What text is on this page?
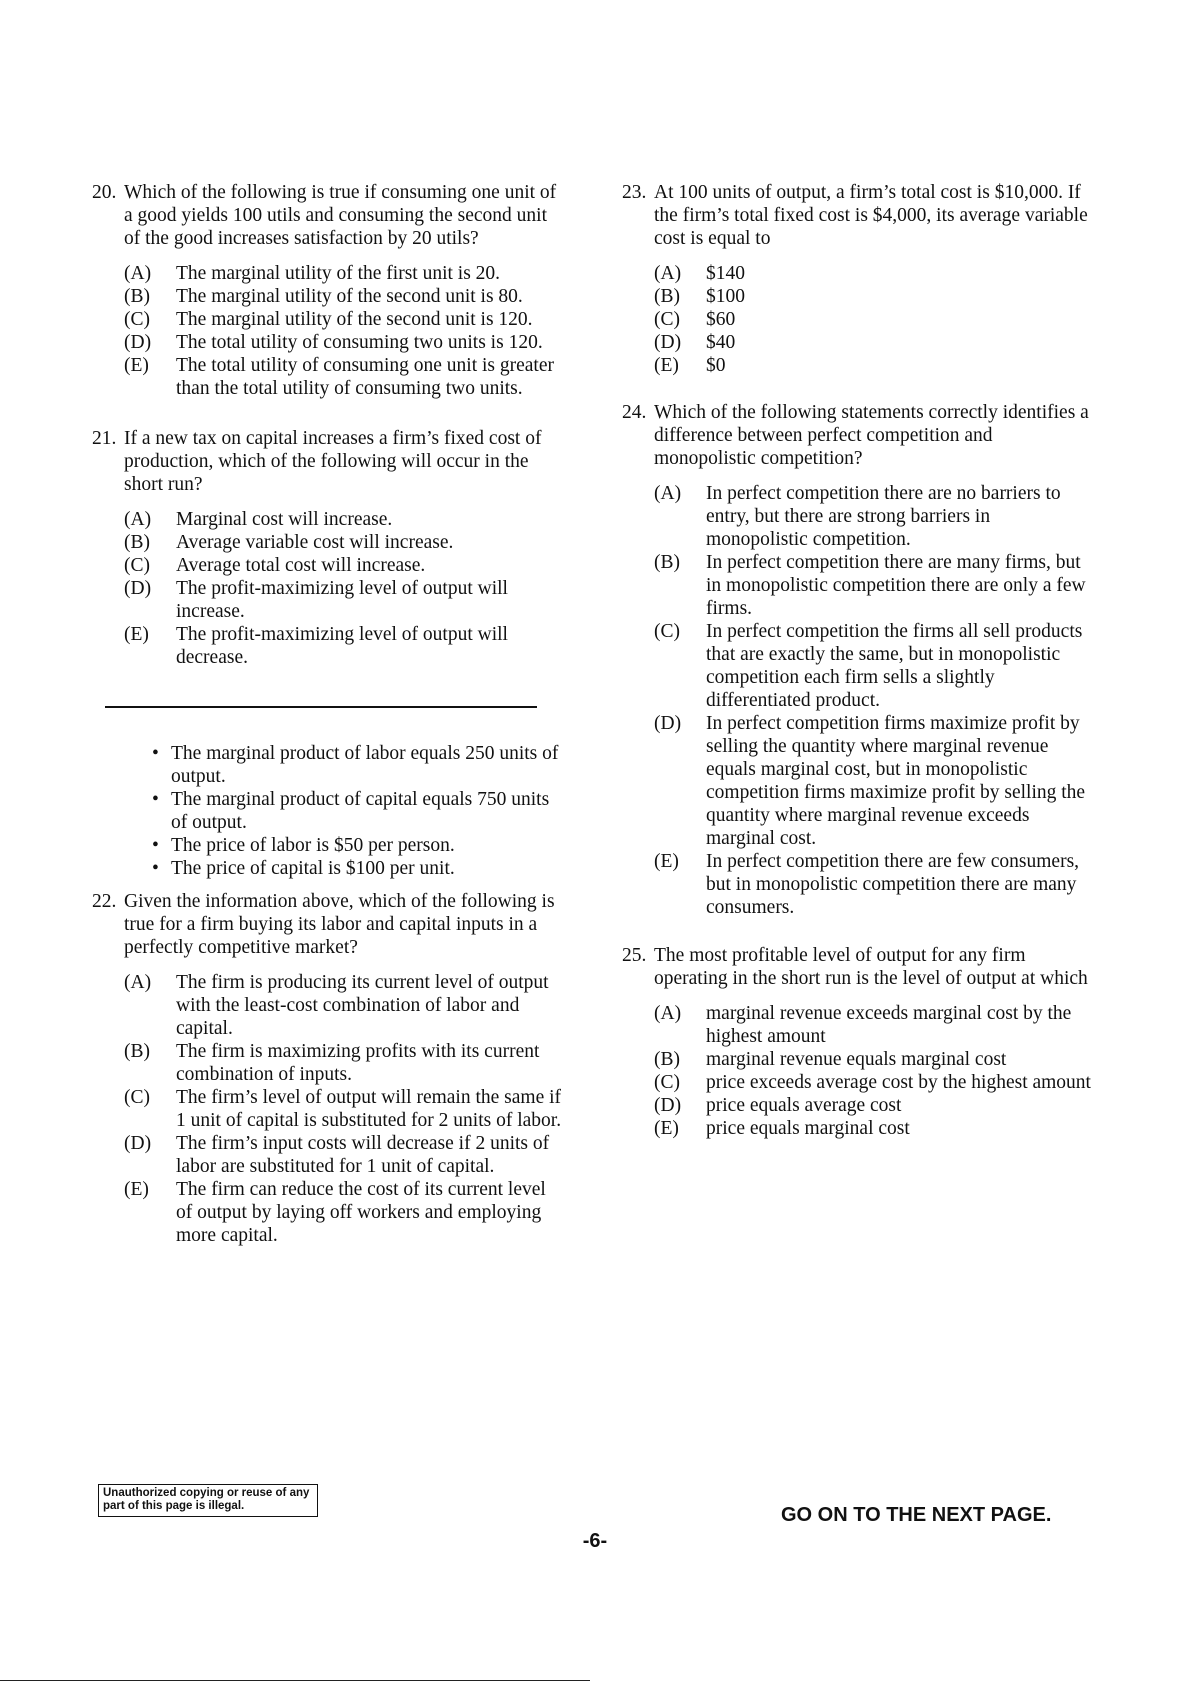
20. Which of the following is true if consuming one unit of a good yields 100 utils and consuming the second unit of the good increases satisfaction by 20 utils?

(A) The marginal utility of the first unit is 20.
(B) The marginal utility of the second unit is 80.
(C) The marginal utility of the second unit is 120.
(D) The total utility of consuming two units is 120.
(E) The total utility of consuming one unit is greater than the total utility of consuming two units.

21. If a new tax on capital increases a firm’s fixed cost of production, which of the following will occur in the short run?

(A) Marginal cost will increase.
(B) Average variable cost will increase.
(C) Average total cost will increase.
(D) The profit-maximizing level of output will increase.
(E) The profit-maximizing level of output will decrease.
• The marginal product of labor equals 250 units of output.
• The marginal product of capital equals 750 units of output.
• The price of labor is $50 per person.
• The price of capital is $100 per unit.

22. Given the information above, which of the following is true for a firm buying its labor and capital inputs in a perfectly competitive market?

(A) The firm is producing its current level of output with the least-cost combination of labor and capital.
(B) The firm is maximizing profits with its current combination of inputs.
(C) The firm’s level of output will remain the same if 1 unit of capital is substituted for 2 units of labor.
(D) The firm’s input costs will decrease if 2 units of labor are substituted for 1 unit of capital.
(E) The firm can reduce the cost of its current level of output by laying off workers and employing more capital.

23. At 100 units of output, a firm’s total cost is $10,000. If the firm’s total fixed cost is $4,000, its average variable cost is equal to

(A) $140
(B) $100
(C) $60
(D) $40
(E) $0

24. Which of the following statements correctly identifies a difference between perfect competition and monopolistic competition?

(A) In perfect competition there are no barriers to entry, but there are strong barriers in monopolistic competition.
(B) In perfect competition there are many firms, but in monopolistic competition there are only a few firms.
(C) In perfect competition the firms all sell products that are exactly the same, but in monopolistic competition each firm sells a slightly differentiated product.
(D) In perfect competition firms maximize profit by selling the quantity where marginal revenue equals marginal cost, but in monopolistic competition firms maximize profit by selling the quantity where marginal revenue exceeds marginal cost.
(E) In perfect competition there are few consumers, but in monopolistic competition there are many consumers.

25. The most profitable level of output for any firm operating in the short run is the level of output at which

(A) marginal revenue exceeds marginal cost by the highest amount
(B) marginal revenue equals marginal cost
(C) price exceeds average cost by the highest amount
(D) price equals average cost
(E) price equals marginal cost
Unauthorized copying or reuse of any part of this page is illegal.	GO ON TO THE NEXT PAGE.
-6-
